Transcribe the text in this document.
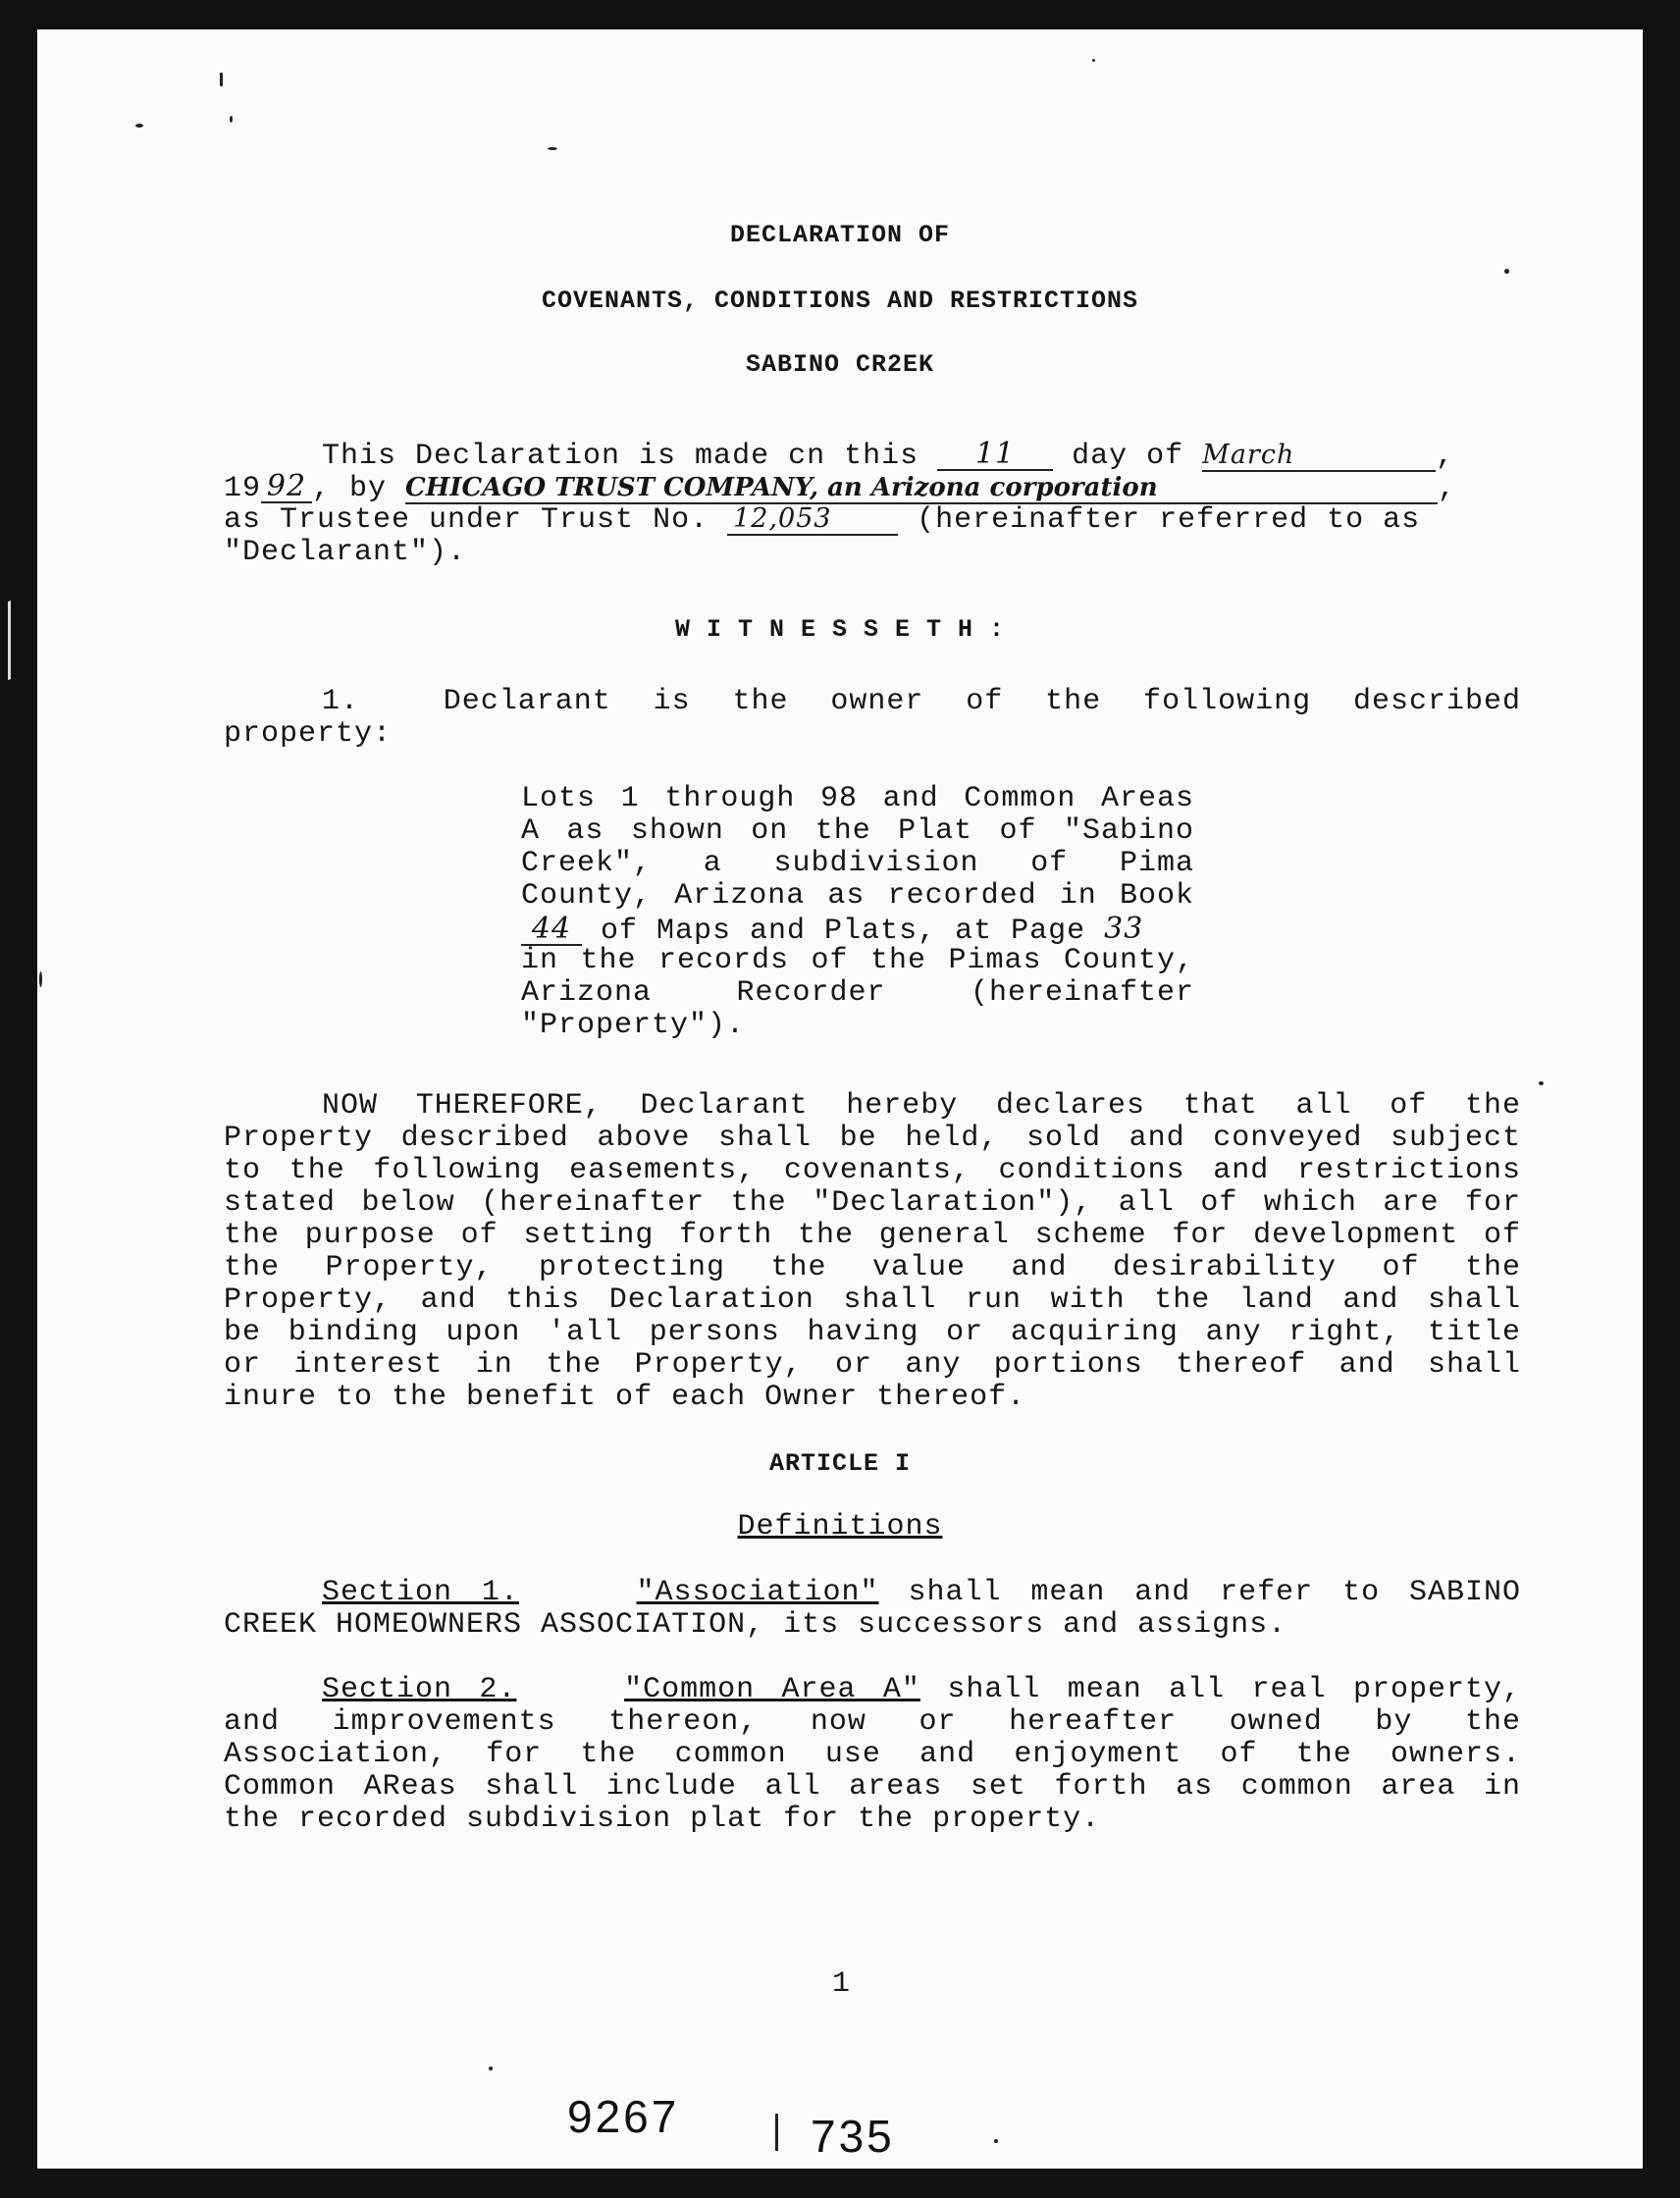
DECLARATION OF
COVENANTS, CONDITIONS AND RESTRICTIONS
SABINO CR2EK
This Declaration is made cn this 11 day of March	,
19 92 , by CHICAGO TRUST COMPANY, an Arizona corporation	,
as Trustee under Trust No. 12,053	(hereinafter referred to as
"Declarant").
W I T N E S S E T H :
1.	Declarant is the owner of the following described
property:
Lots 1 through 98 and Common Areas
A as shown on the Plat of "Sabino
Creek", a subdivision of Pima
County, Arizona as recorded in Book
44 of Maps and Plats, at Page 33
in the records of the Pimas County,
Arizona Recorder (hereinafter
"Property").
NOW THEREFORE, Declarant hereby declares that all of the
Property described above shall be held, sold and conveyed subject
to the following easements, covenants, conditions and restrictions
stated below (hereinafter the "Declaration"), all of which are for
the purpose of setting forth the general scheme for development of
the Property, protecting the value and desirability of the
Property, and this Declaration shall run with the land and shall
be binding upon 'all persons having or acquiring any right, title
or interest in the Property, or any portions thereof and shall
inure to the benefit of each Owner thereof.
ARTICLE I
Definitions
Section 1.	"Association" shall mean and refer to SABINO
CREEK HOMEOWNERS ASSOCIATION, its successors and assigns.
Section 2.	"Common Area A" shall mean all real property,
and improvements thereon, now or hereafter owned by the
Association, for the common use and enjoyment of the owners.
Common AReas shall include all areas set forth as common area in
the recorded subdivision plat for the property.
1
9267	735
